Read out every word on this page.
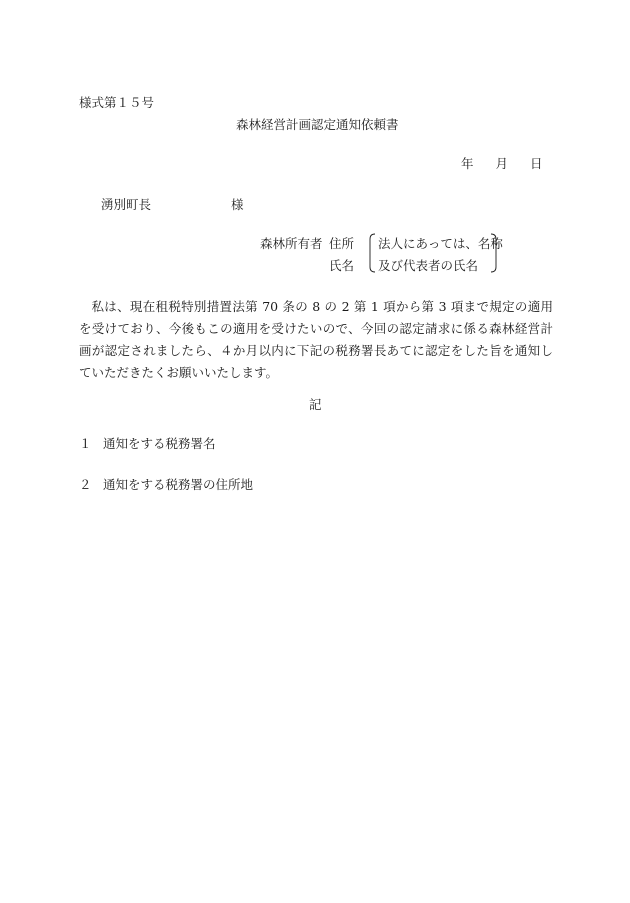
様式第１５号
森林経営計画認定通知依頼書
年 月 日
湧別町長	様
森林所有者 住所
氏名
法人にあっては、名称
及び代表者の氏名
私は、現在租税特別措置法第 70 条の 8 の 2 第 1 項から第 3 項まで規定の適用を受けており、今後もこの適用を受けたいので、今回の認定請求に係る森林経営計画が認定されましたら、４か月以内に下記の税務署長あてに認定をした旨を通知していただきたくお願いいたします。
記
１ 通知をする税務署名
２ 通知をする税務署の住所地
